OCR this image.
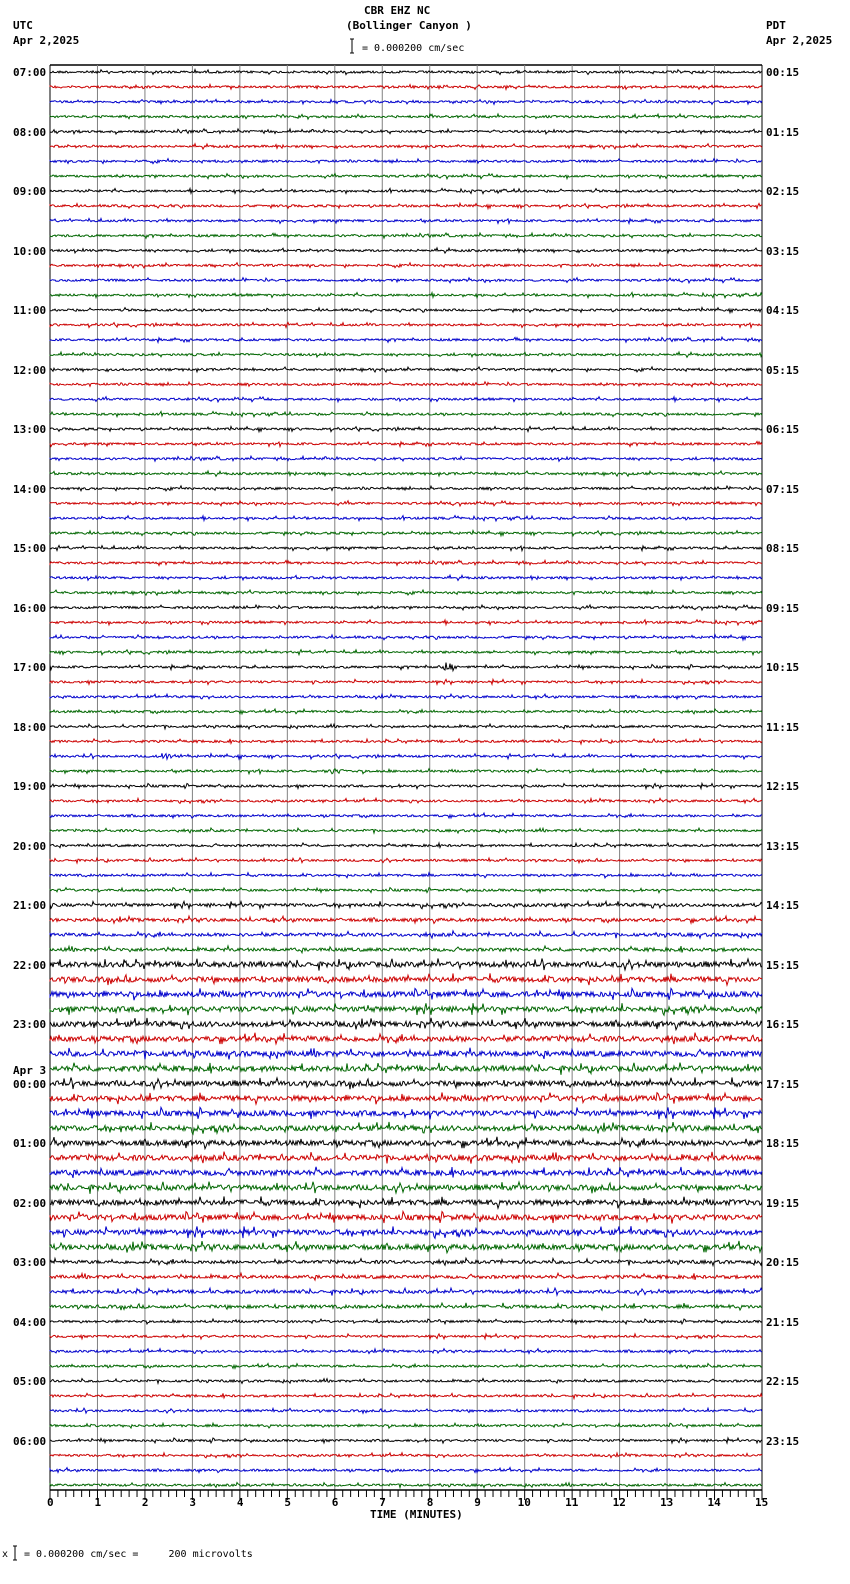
CBR EHZ NC
(Bollinger Canyon )
UTC
Apr 2,2025
PDT
Apr 2,2025
= 0.000200 cm/sec
TIME (MINUTES)
x = 0.000200 cm/sec =     200 microvolts
07:00
08:00
09:00
10:00
11:00
12:00
13:00
14:00
15:00
16:00
17:00
18:00
19:00
20:00
21:00
22:00
23:00
00:00
Apr 3
01:00
02:00
03:00
04:00
05:00
06:00
00:15
01:15
02:15
03:15
04:15
05:15
06:15
07:15
08:15
09:15
10:15
11:15
12:15
13:15
14:15
15:15
16:15
17:15
18:15
19:15
20:15
21:15
22:15
23:15
0	1	2	3	4	5	6	7	8	9	10	11	12	13	14	15
